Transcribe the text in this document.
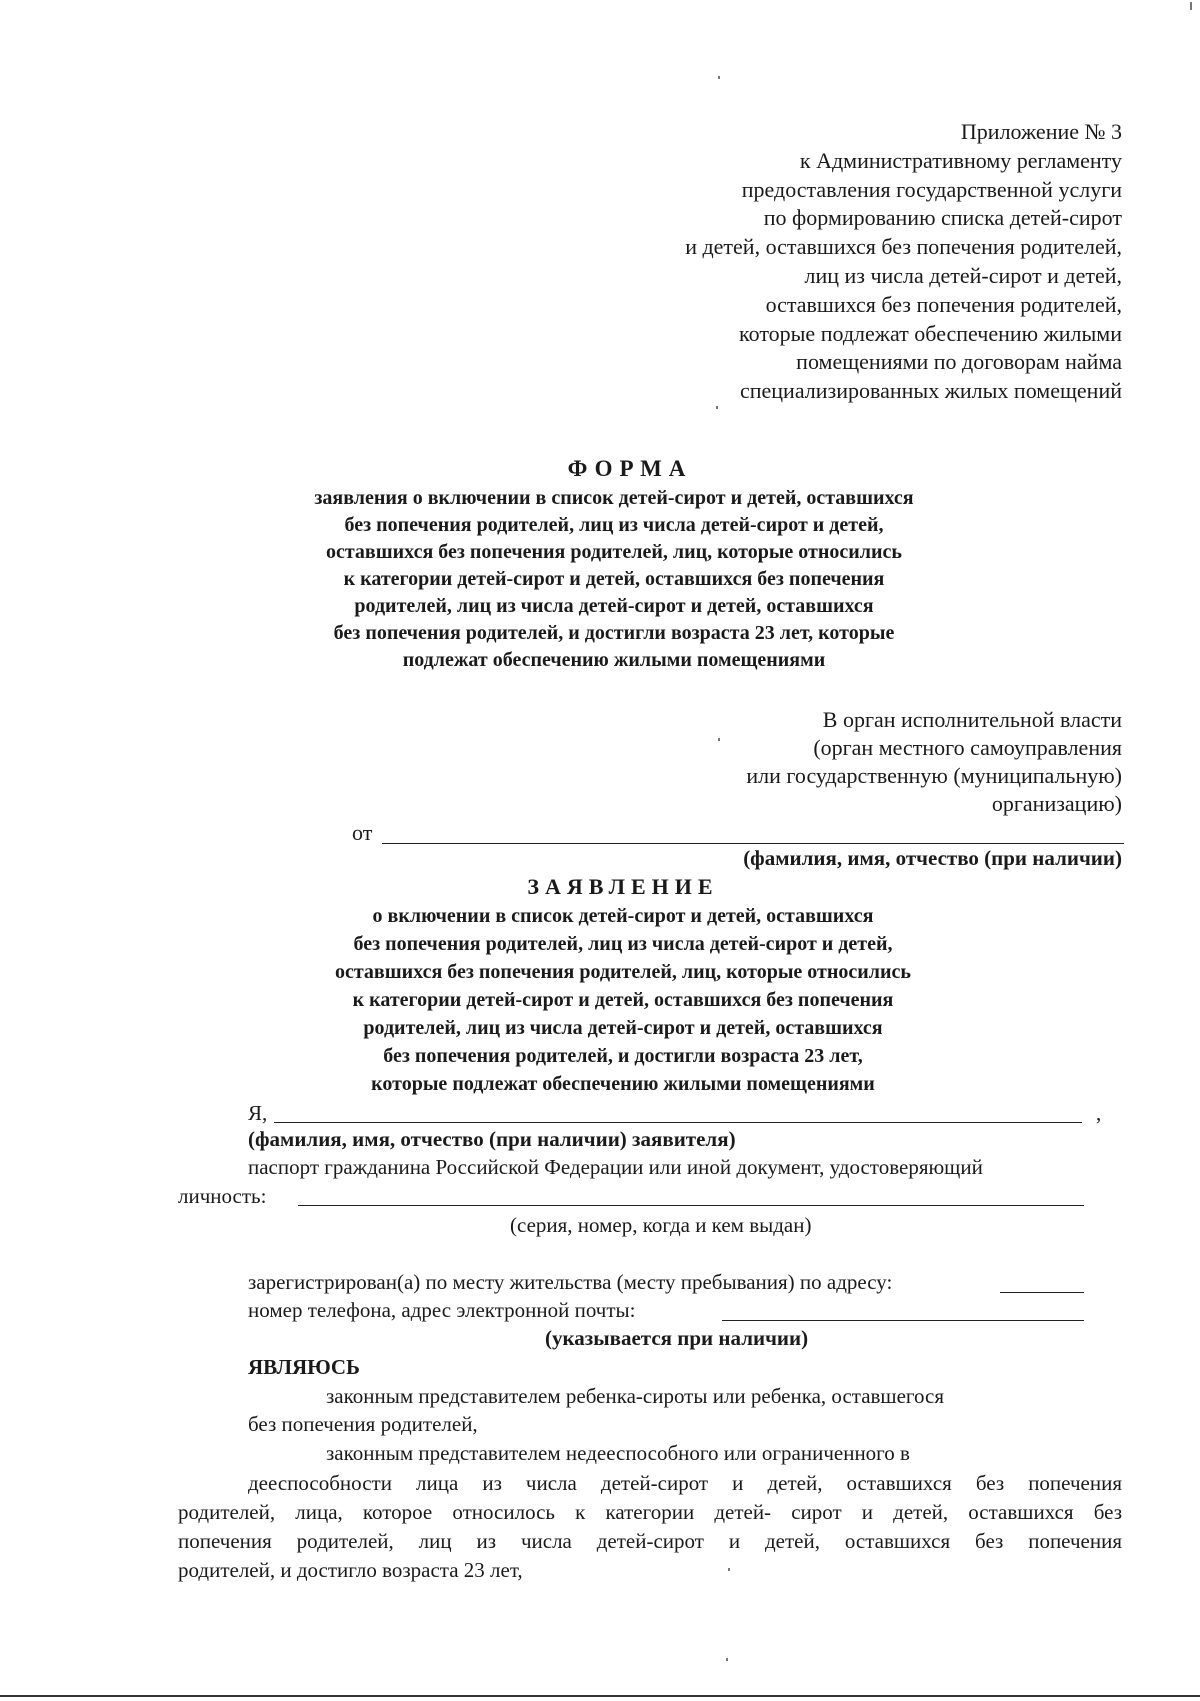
Приложение № 3
к Административному регламенту
предоставления государственной услуги
по формированию списка детей-сирот
и детей, оставшихся без попечения родителей,
лиц из числа детей-сирот и детей,
оставшихся без попечения родителей,
которые подлежат обеспечению жилыми
помещениями по договорам найма
специализированных жилых помещений
ФОРМА
заявления о включении в список детей-сирот и детей, оставшихся
без попечения родителей, лиц из числа детей-сирот и детей,
оставшихся без попечения родителей, лиц, которые относились
к категории детей-сирот и детей, оставшихся без попечения
родителей, лиц из числа детей-сирот и детей, оставшихся
без попечения родителей, и достигли возраста 23 лет, которые
подлежат обеспечению жилыми помещениями
В орган исполнительной власти
(орган местного самоуправления
или государственную (муниципальную)
организацию)
от
(фамилия, имя, отчество (при наличии)
ЗАЯВЛЕНИЕ
о включении в список детей-сирот и детей, оставшихся
без попечения родителей, лиц из числа детей-сирот и детей,
оставшихся без попечения родителей, лиц, которые относились
к категории детей-сирот и детей, оставшихся без попечения
родителей, лиц из числа детей-сирот и детей, оставшихся
без попечения родителей, и достигли возраста 23 лет,
которые подлежат обеспечению жилыми помещениями
Я,	,
(фамилия, имя, отчество (при наличии) заявителя)
паспорт гражданина Российской Федерации или иной документ, удостоверяющий
личность:
(серия, номер, когда и кем выдан)
зарегистрирован(а) по месту жительства (месту пребывания) по адресу:
номер телефона, адрес электронной почты:
(указывается при наличии)
ЯВЛЯЮСЬ
законным представителем ребенка-сироты или ребенка, оставшегося
без попечения родителей,
законным представителем недееспособного или ограниченного в
дееспособности лица из числа детей-сирот и детей, оставшихся без попечения
родителей, лица, которое относилось к категории детей- сирот и детей, оставшихся без
попечения родителей, лиц из числа детей-сирот и детей, оставшихся без попечения
родителей, и достигло возраста 23 лет,
